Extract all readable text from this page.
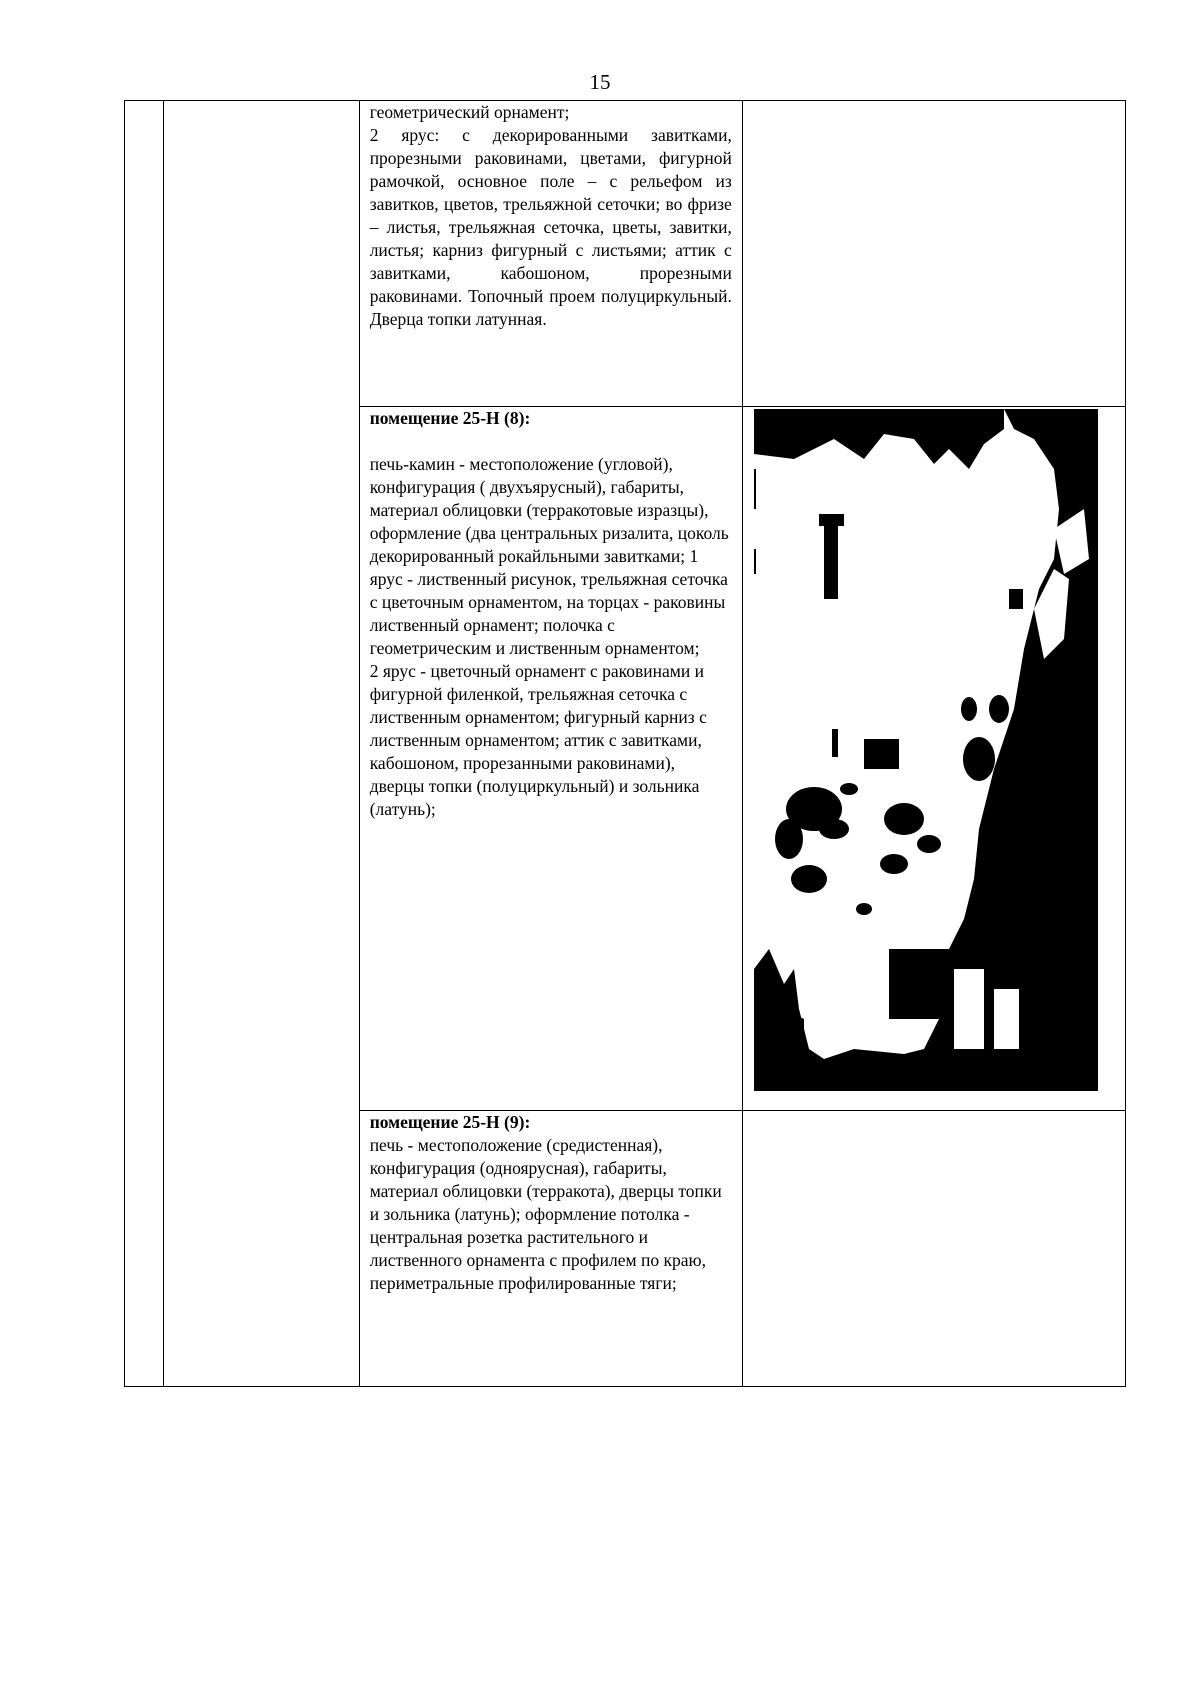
15

		геометрический орнамент;

2 ярус: с декорированными завитками, прорезными раковинами, цветами, фигурной рамочкой, основное поле – с рельефом из завитков, цветов, трельяжной сеточки; во фризе – листья, трельяжная сеточка, цветы, завитки, листья; карниз фигурный с листьями; аттик с завитками, кабошоном, прорезными раковинами. Топочный проем полуциркульный. Дверца топки латунная.	

		помещение 25-Н (8):

печь-камин - местоположение (угловой), конфигурация ( двухъярусный), габариты, материал облицовки (терракотовые изразцы), оформление (два центральных ризалита, цоколь декорированный рокайльными завитками; 1 ярус - лиственный рисунок, трельяжная сеточка с цветочным орнаментом, на торцах - раковины лиственный орнамент; полочка с геометрическим и лиственным орнаментом;

2 ярус - цветочный орнамент с раковинами и фигурной филенкой, трельяжная сеточка с лиственным орнаментом; фигурный карниз с лиственным орнаментом; аттик с завитками, кабошоном, прорезанными раковинами), дверцы топки (полуциркульный) и зольника (латунь);

		помещение 25-Н (9):

печь - местоположение (средистенная), конфигурация (одноярусная), габариты, материал облицовки (терракота), дверцы топки и зольника (латунь); оформление потолка - центральная розетка растительного и лиственного орнамента с профилем по краю, периметральные профилированные тяги;	
